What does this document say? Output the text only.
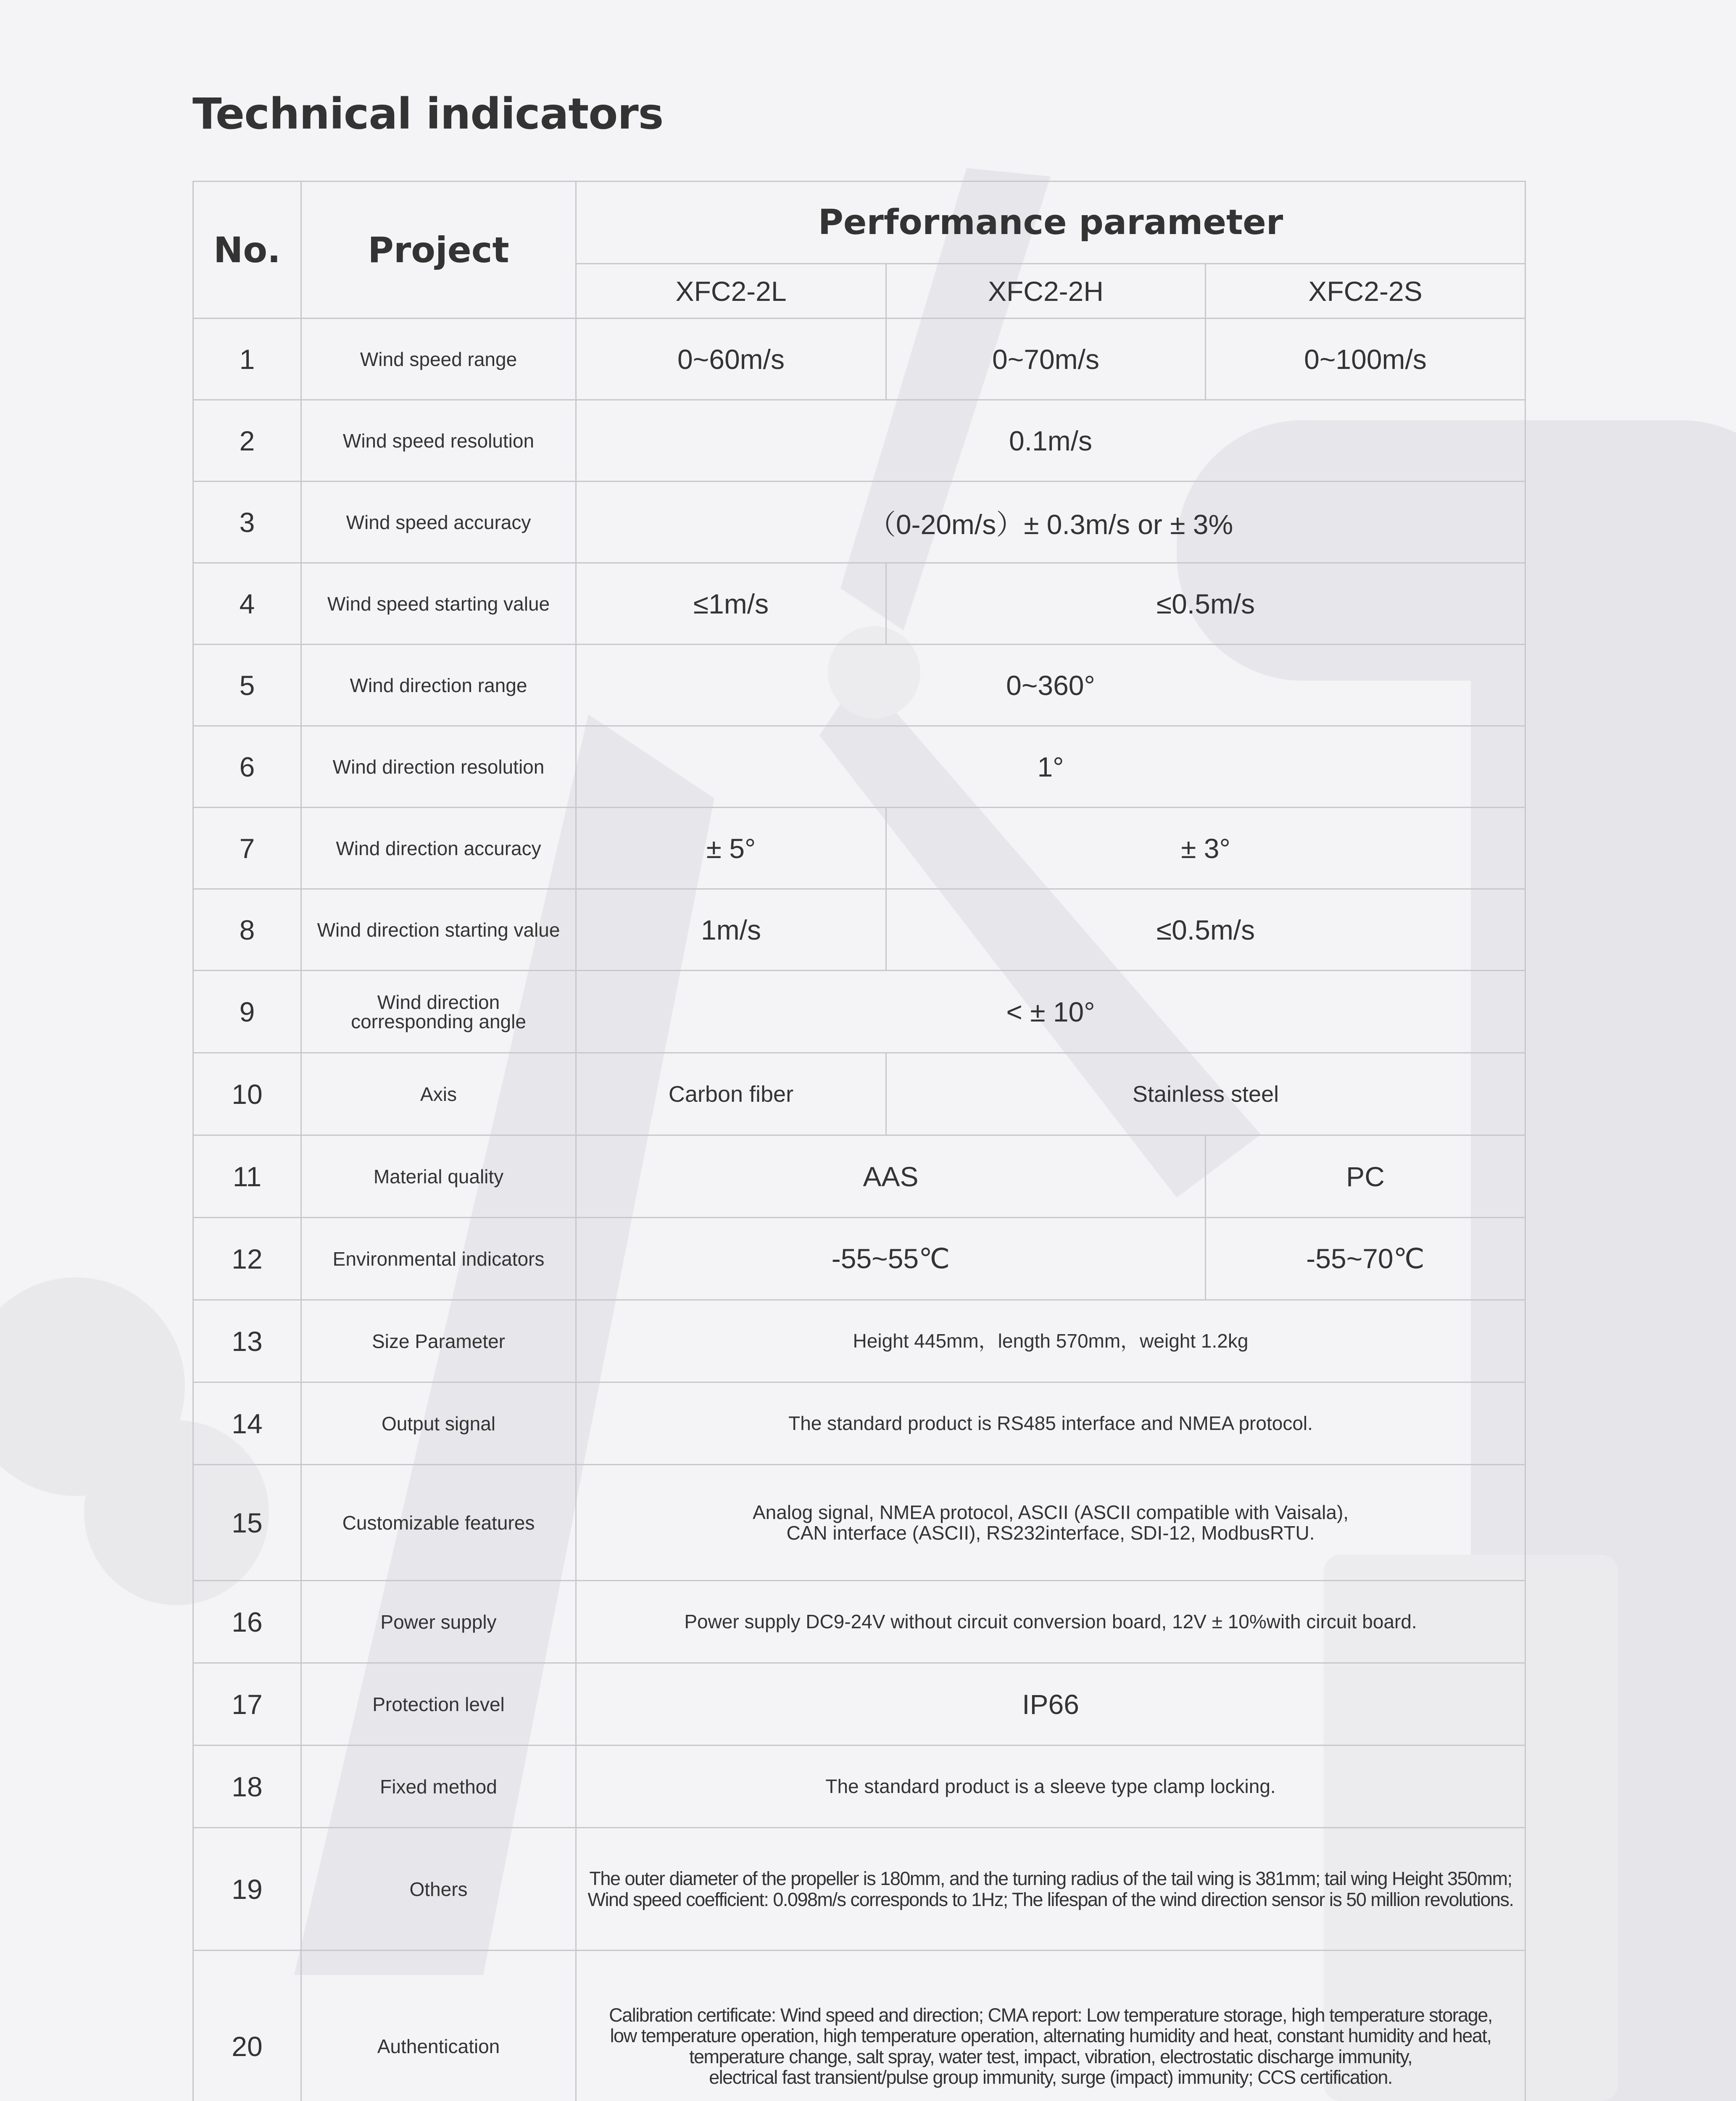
Technical indicators
No.	Project	Performance parameter		
		XFC2-2L	XFC2-2H	XFC2-2S
1	Wind speed range	0~60m/s	0~70m/s	0~100m/s
2	Wind speed resolution	0.1m/s		
3	Wind speed accuracy	（0-20m/s）± 0.3m/s or ± 3%		
4	Wind speed starting value	≤1m/s	≤0.5m/s	
5	Wind direction range	0~360°		
6	Wind direction resolution	1°		
7	Wind direction accuracy	± 5°	± 3°	
8	Wind direction starting value	1m/s	≤0.5m/s	
9	Wind direction
corresponding angle	< ± 10°		
10	Axis	Carbon fiber	Stainless steel	
11	Material quality	AAS		PC
12	Environmental indicators	-55~55℃		-55~70℃
13	Size Parameter	Height 445mm，length 570mm，weight 1.2kg		
14	Output signal	The standard product is RS485 interface and NMEA protocol.		
15	Customizable features	Analog signal, NMEA protocol, ASCII (ASCII compatible with Vaisala),
CAN interface (ASCII), RS232interface, SDI-12, ModbusRTU.		
16	Power supply	Power supply DC9-24V without circuit conversion board, 12V ± 10%with circuit board.		
17	Protection level	IP66		
18	Fixed method	The standard product is a sleeve type clamp locking.		
19	Others	The outer diameter of the propeller is 180mm, and the turning radius of the tail wing is 381mm; tail wing Height 350mm;
Wind speed coefficient: 0.098m/s corresponds to 1Hz; The lifespan of the wind direction sensor is 50 million revolutions.		
20	Authentication	Calibration certificate: Wind speed and direction; CMA report: Low temperature storage, high temperature storage,
low temperature operation, high temperature operation, alternating humidity and heat, constant humidity and heat,
temperature change, salt spray, water test, impact, vibration, electrostatic discharge immunity,
electrical fast transient/pulse group immunity, surge (impact) immunity; CCS certification.		
